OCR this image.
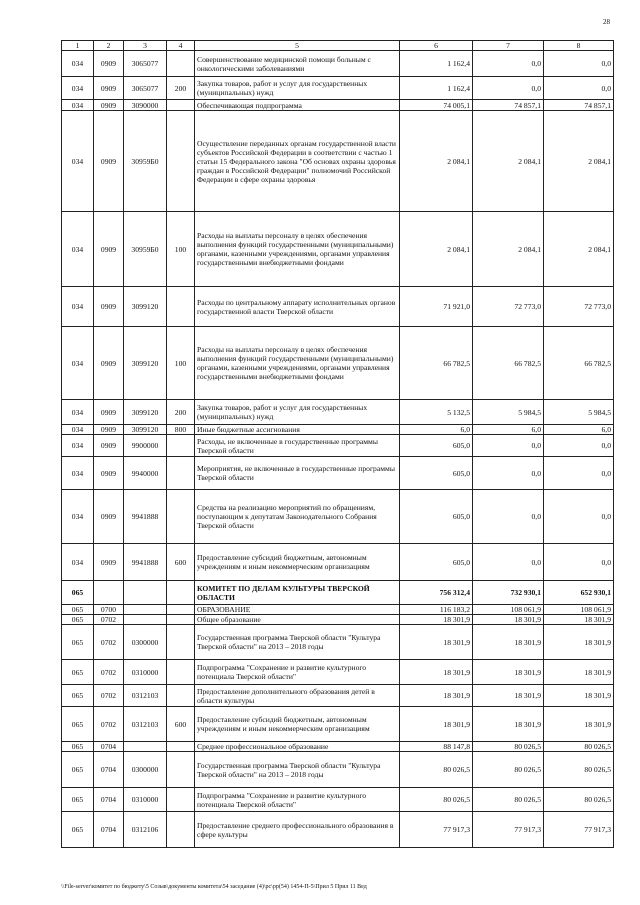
28
1	2	3	4	5	6	7	8
034	0909	3065077		Совершенствование медицинской помощи больным с онкологическими заболеваниями	1 162,4	0,0	0,0
034	0909	3065077	200	Закупка товаров, работ и услуг для государственных (муниципальных) нужд	1 162,4	0,0	0,0
034	0909	3090000		Обеспечивающая подпрограмма	74 005,1	74 857,1	74 857,1
034	0909	30959Б0		Осуществление переданных органам государственной власти субъектов Российской Федерации в соответствии с частью 1 статьи 15 Федерального закона "Об основах охраны здоровья граждан в Российской Федерации" полномочий Российской Федерации в сфере охраны здоровья	2 084,1	2 084,1	2 084,1
034	0909	30959Б0	100	Расходы на выплаты персоналу в целях обеспечения выполнения функций государственными (муниципальными) органами, казенными учреждениями, органами управления государственными внебюджетными фондами	2 084,1	2 084,1	2 084,1
034	0909	3099120		Расходы по центральному аппарату исполнительных органов государственной власти Тверской области	71 921,0	72 773,0	72 773,0
034	0909	3099120	100	Расходы на выплаты персоналу в целях обеспечения выполнения функций государственными (муниципальными) органами, казенными учреждениями, органами управления государственными внебюджетными фондами	66 782,5	66 782,5	66 782,5
034	0909	3099120	200	Закупка товаров, работ и услуг для государственных (муниципальных) нужд	5 132,5	5 984,5	5 984,5
034	0909	3099120	800	Иные бюджетные ассигнования	6,0	6,0	6,0
034	0909	9900000		Расходы, не включенные в государственные программы Тверской области	605,0	0,0	0,0
034	0909	9940000		Мероприятия, не включенные в государственные программы Тверской области	605,0	0,0	0,0
034	0909	9941888		Средства на реализацию мероприятий по обращениям, поступающим к депутатам Законодательного Собрания Тверской области	605,0	0,0	0,0
034	0909	9941888	600	Предоставление субсидий бюджетным, автономным учреждениям и иным некоммерческим организациям	605,0	0,0	0,0
065				КОМИТЕТ ПО ДЕЛАМ КУЛЬТУРЫ ТВЕРСКОЙ ОБЛАСТИ	756 312,4	732 930,1	652 930,1
065	0700			ОБРАЗОВАНИЕ	116 183,2	108 061,9	108 061,9
065	0702			Общее образование	18 301,9	18 301,9	18 301,9
065	0702	0300000		Государственная программа Тверской области "Культура Тверской области" на 2013 – 2018 годы	18 301,9	18 301,9	18 301,9
065	0702	0310000		Подпрограмма "Сохранение и развитие культурного потенциала Тверской области"	18 301,9	18 301,9	18 301,9
065	0702	0312103		Предоставление дополнительного образования детей в области культуры	18 301,9	18 301,9	18 301,9
065	0702	0312103	600	Предоставление субсидий бюджетным, автономным учреждениям и иным некоммерческим организациям	18 301,9	18 301,9	18 301,9
065	0704			Среднее профессиональное образование	88 147,8	80 026,5	80 026,5
065	0704	0300000		Государственная программа Тверской области "Культура Тверской области" на 2013 – 2018 годы	80 026,5	80 026,5	80 026,5
065	0704	0310000		Подпрограмма "Сохранение и развитие культурного потенциала Тверской области"	80 026,5	80 026,5	80 026,5
065	0704	0312106		Предоставление среднего профессионального образования в сфере культуры	77 917,3	77 917,3	77 917,3
\\File-server\комитет по бюджету\5 Созыв\документы комитета\54 заседание (4)\рс\рр(54) 1454-П-5\Прил 5 Прил 11 Вед
